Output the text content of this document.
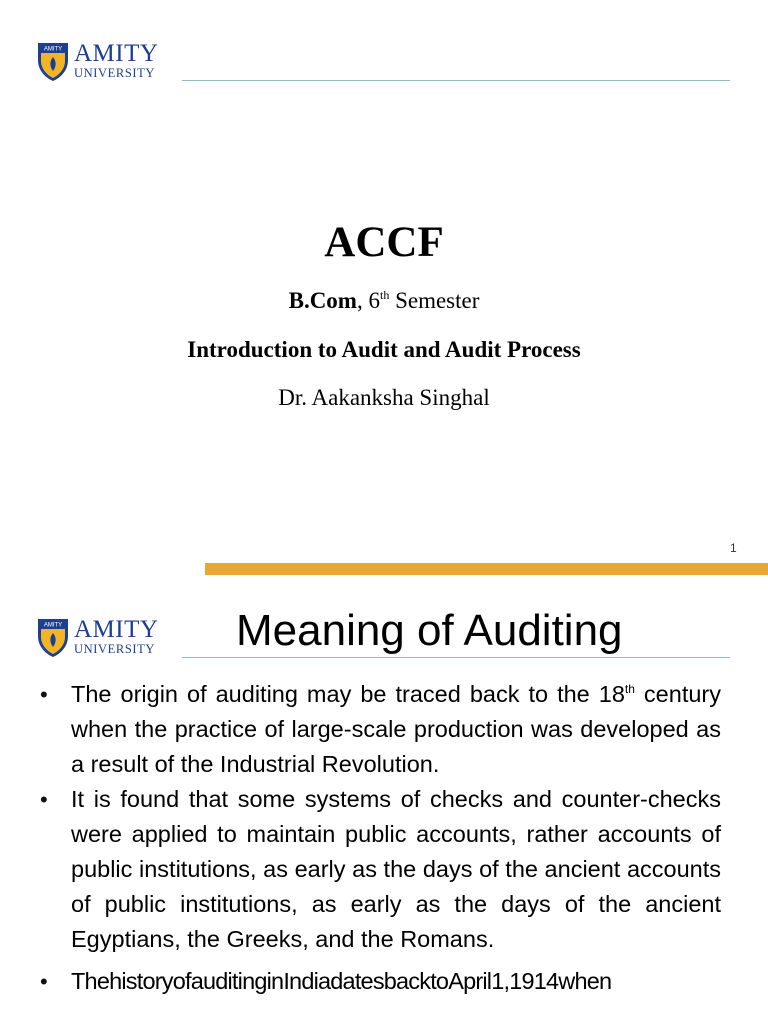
AMITY AMITY
UNIVERSITY
ACCF
B.Com, 6th Semester
Introduction to Audit and Audit Process
Dr. Aakanksha Singhal
1
AMITY AMITY
UNIVERSITY Meaning of Auditing
• The origin of auditing may be traced back to the 18th century when the practice of large-scale production was developed as a result of the Industrial Revolution.
• It is found that some systems of checks and counter-checks were applied to maintain public accounts, rather accounts of public institutions, as early as the days of the ancient accounts of public institutions, as early as the days of the ancient Egyptians, the Greeks, and the Romans.
• ThehistoryofauditinginIndiadatesbacktoApril1,1914when
